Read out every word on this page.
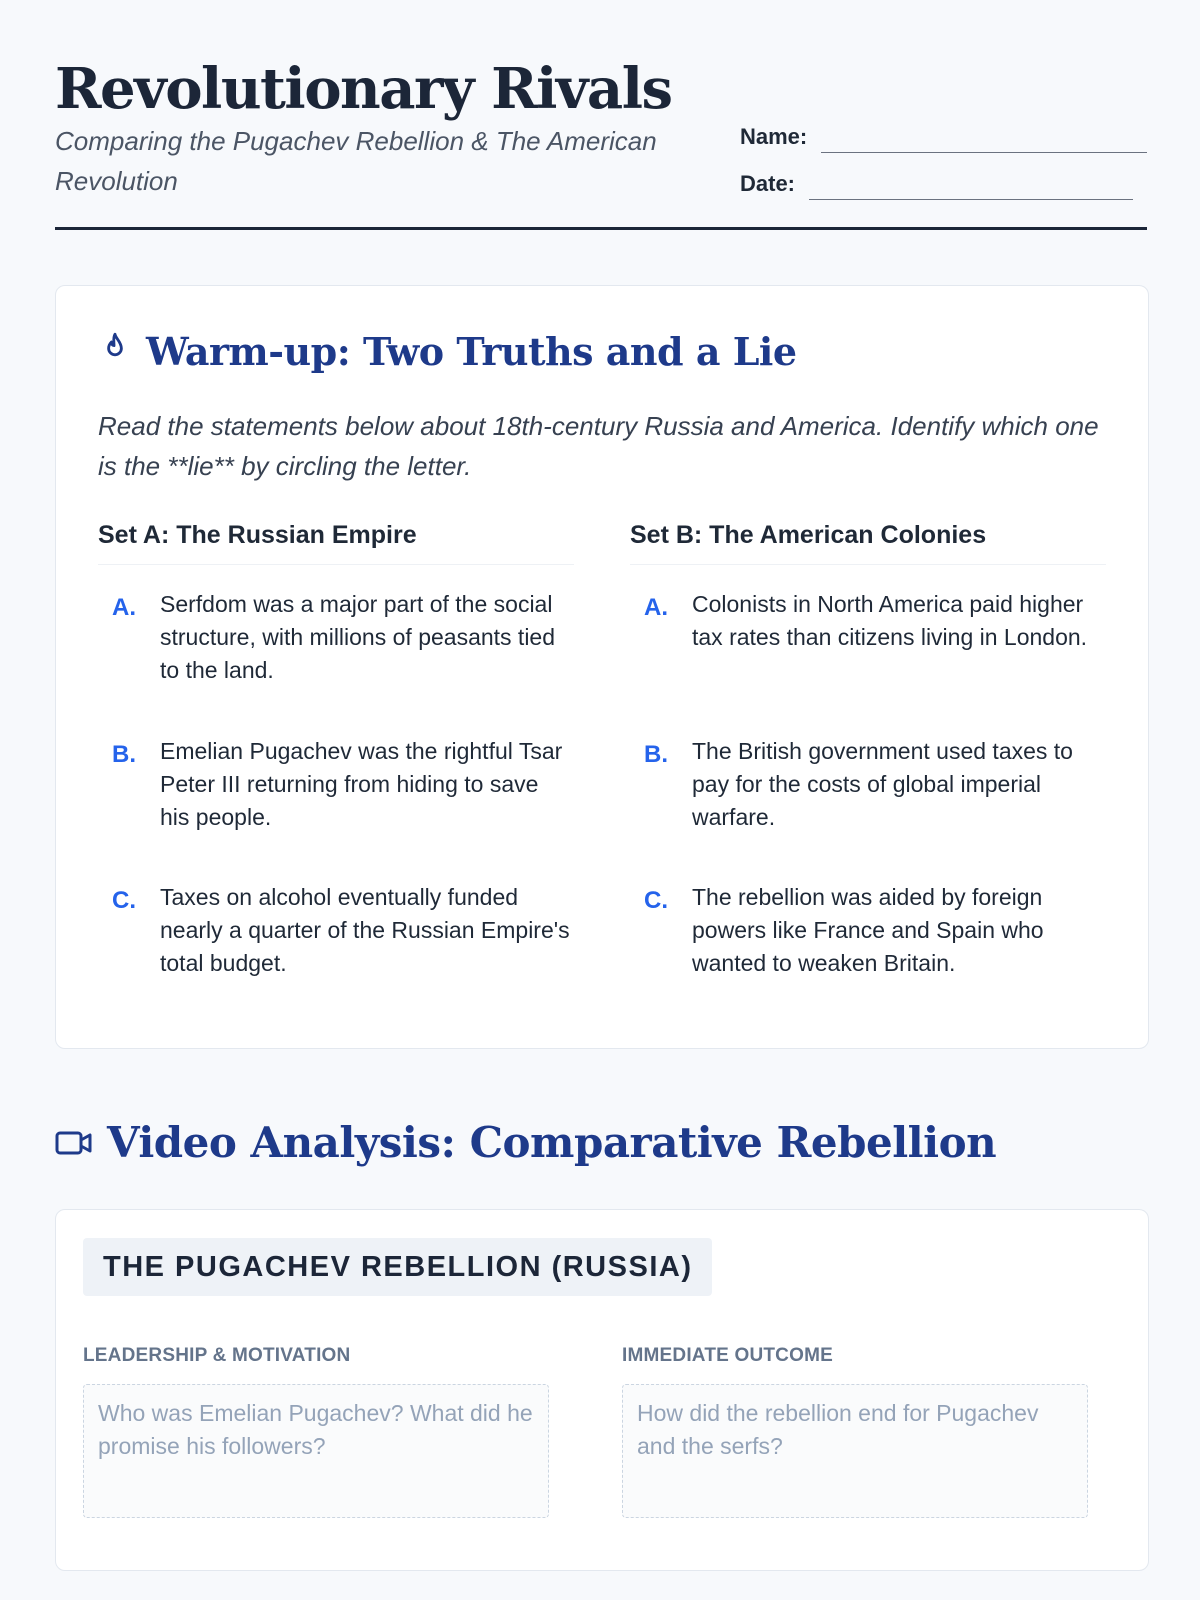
Revolutionary Rivals

Comparing the Pugachev Rebellion & The American Revolution

Name:
Date:
Warm-up: Two Truths and a Lie

Read the statements below about 18th-century Russia and America. Identify which one is the **lie** by circling the letter.

Set A: The Russian Empire
A.	Serfdom was a major part of the social structure, with millions of peasants tied to the land.
B.	Emelian Pugachev was the rightful Tsar Peter III returning from hiding to save his people.
C.	Taxes on alcohol eventually funded nearly a quarter of the Russian Empire's total budget.
Set B: The American Colonies
A.	Colonists in North America paid higher tax rates than citizens living in London.
B.	The British government used taxes to pay for the costs of global imperial warfare.
C.	The rebellion was aided by foreign powers like France and Spain who wanted to weaken Britain.
Video Analysis: Comparative Rebellion
THE PUGACHEV REBELLION (RUSSIA)
LEADERSHIP & MOTIVATION
Who was Emelian Pugachev? What did he promise his followers?
IMMEDIATE OUTCOME
How did the rebellion end for Pugachev and the serfs?
